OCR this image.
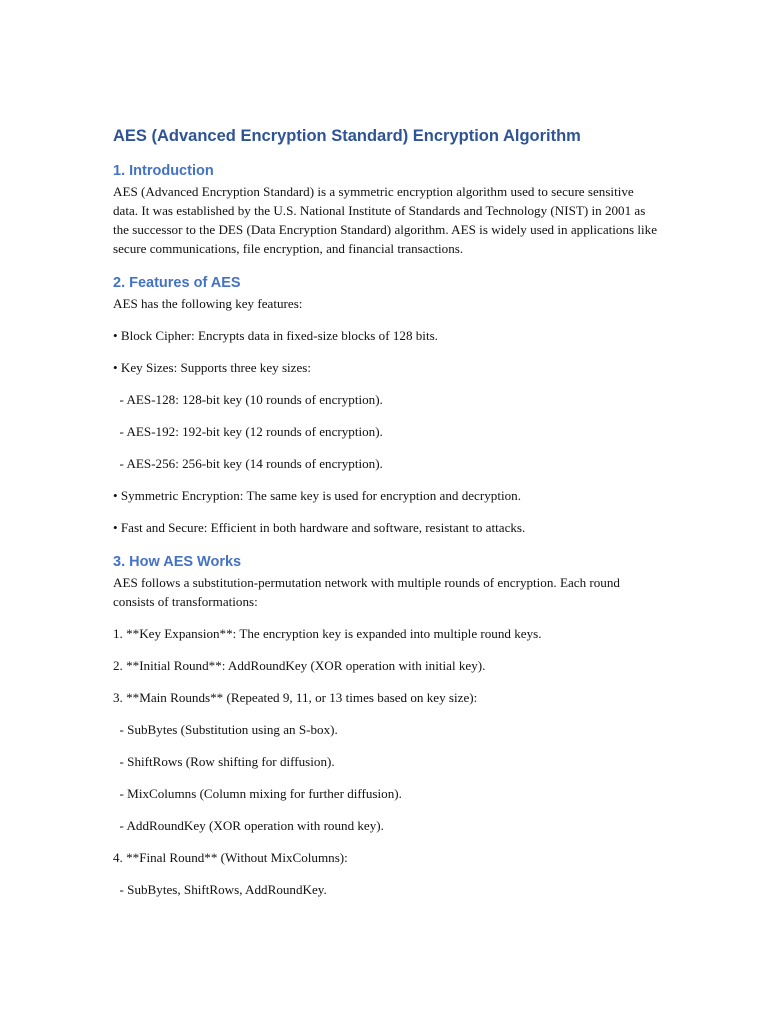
AES (Advanced Encryption Standard) Encryption Algorithm
1. Introduction

AES (Advanced Encryption Standard) is a symmetric encryption algorithm used to secure sensitive data. It was established by the U.S. National Institute of Standards and Technology (NIST) in 2001 as the successor to the DES (Data Encryption Standard) algorithm. AES is widely used in applications like secure communications, file encryption, and financial transactions.

2. Features of AES

AES has the following key features:

• Block Cipher: Encrypts data in fixed-size blocks of 128 bits.

• Key Sizes: Supports three key sizes:

- AES-128: 128-bit key (10 rounds of encryption).

- AES-192: 192-bit key (12 rounds of encryption).

- AES-256: 256-bit key (14 rounds of encryption).

• Symmetric Encryption: The same key is used for encryption and decryption.

• Fast and Secure: Efficient in both hardware and software, resistant to attacks.

3. How AES Works

AES follows a substitution-permutation network with multiple rounds of encryption. Each round consists of transformations:

1. **Key Expansion**: The encryption key is expanded into multiple round keys.

2. **Initial Round**: AddRoundKey (XOR operation with initial key).

3. **Main Rounds** (Repeated 9, 11, or 13 times based on key size):

- SubBytes (Substitution using an S-box).

- ShiftRows (Row shifting for diffusion).

- MixColumns (Column mixing for further diffusion).

- AddRoundKey (XOR operation with round key).

4. **Final Round** (Without MixColumns):

- SubBytes, ShiftRows, AddRoundKey.
